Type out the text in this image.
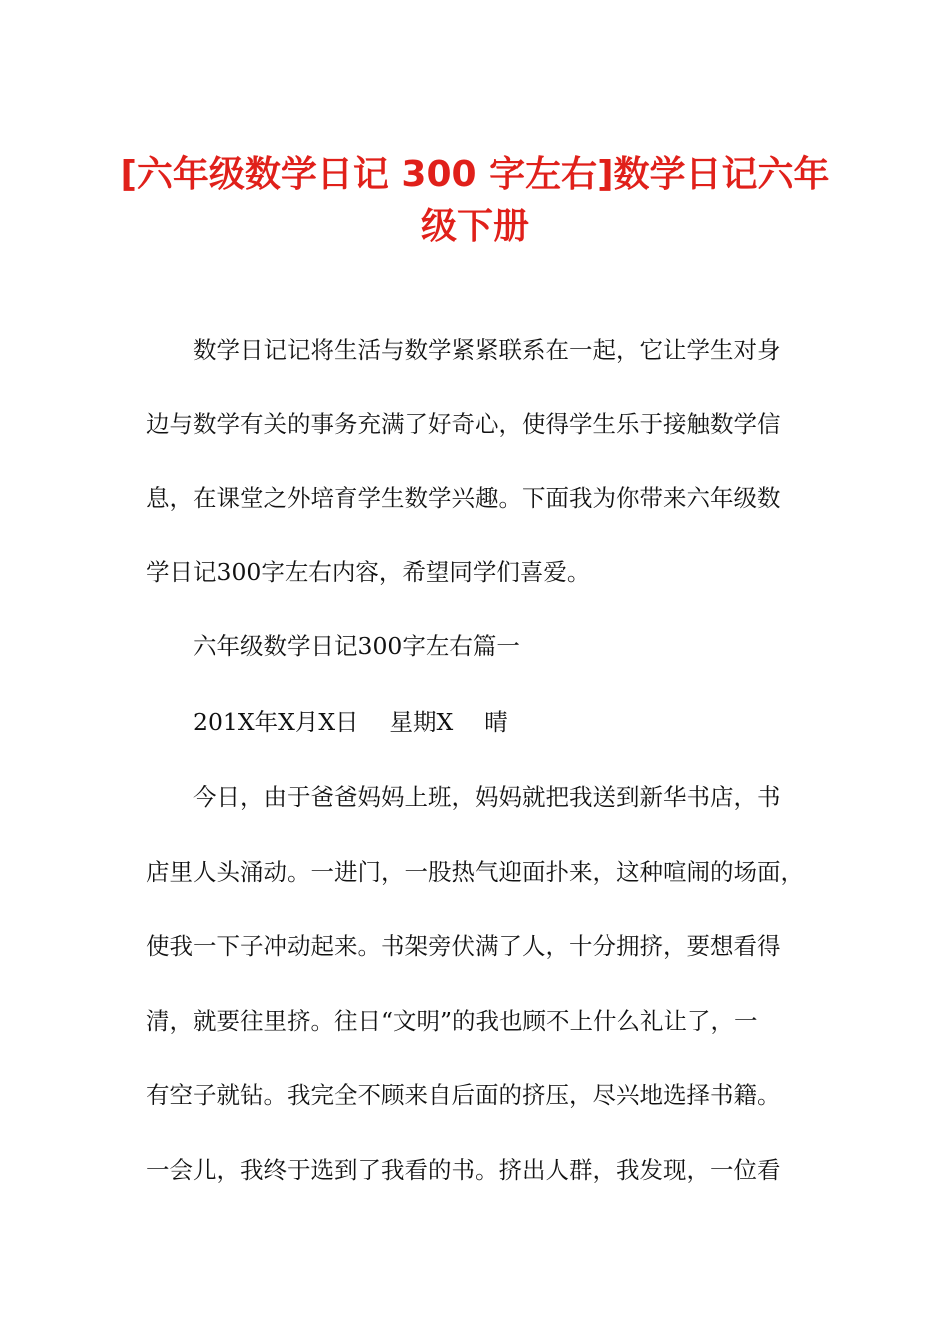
[六年级数学日记 300 字左右]数学日记六年
级下册
数学日记记将生活与数学紧紧联系在一起，它让学生对身
边与数学有关的事务充满了好奇心，使得学生乐于接触数学信
息，在课堂之外培育学生数学兴趣。下面我为你带来六年级数
学日记300字左右内容，希望同学们喜爱。
六年级数学日记300字左右篇一
201X年X月X日　 星期X　 晴
今日，由于爸爸妈妈上班，妈妈就把我送到新华书店，书
店里人头涌动。一进门，一股热气迎面扑来，这种喧闹的场面，
使我一下子冲动起来。书架旁伏满了人，十分拥挤，要想看得
清，就要往里挤。往日“文明”的我也顾不上什么礼让了，一
有空子就钻。我完全不顾来自后面的挤压，尽兴地选择书籍。
一会儿，我终于选到了我看的书。挤出人群，我发现，一位看
